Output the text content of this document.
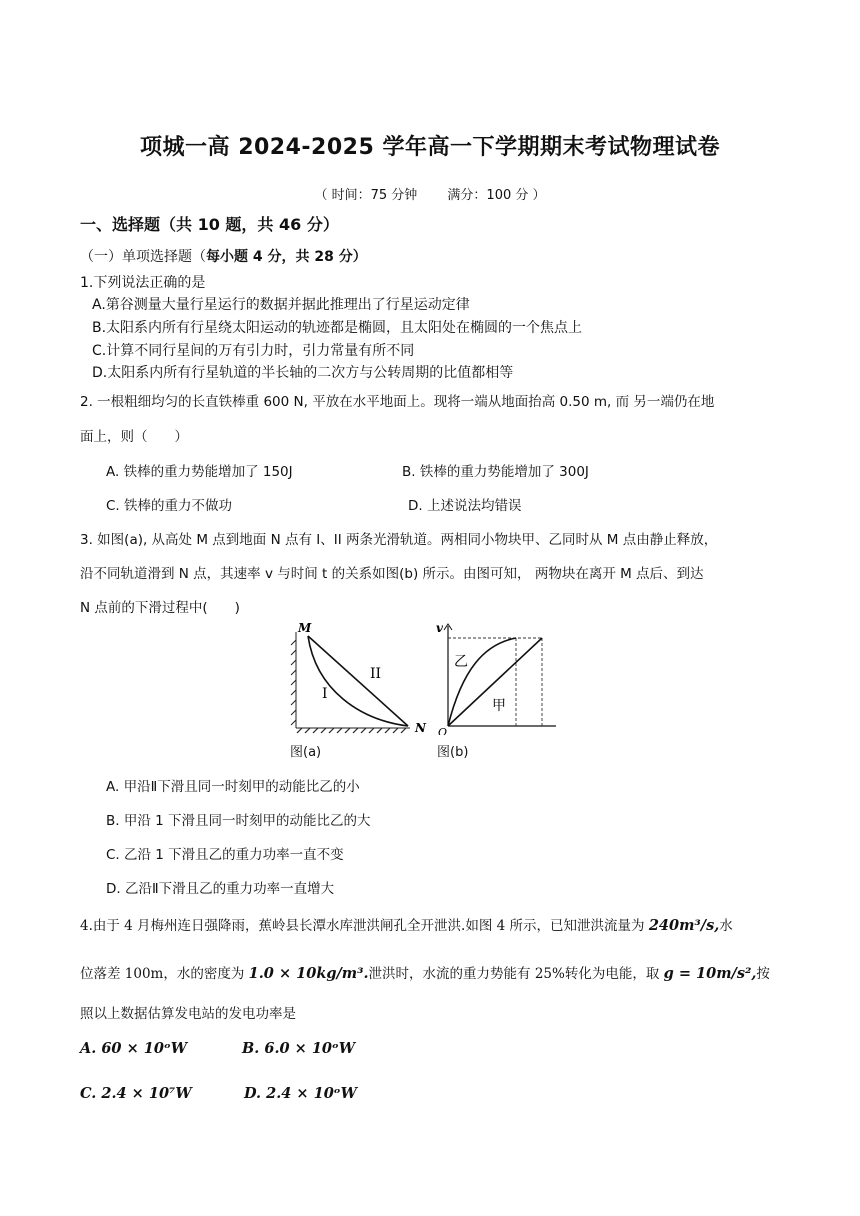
项城一高 2024-2025 学年高一下学期期末考试物理试卷
（ 时间：75 分钟　　 满分：100 分 ）
一、选择题（共 10 题，共 46 分）
（一）单项选择题（每小题 4 分，共 28 分）
1.下列说法正确的是
A.第谷测量大量行星运行的数据并据此推理出了行星运动定律
B.太阳系内所有行星绕太阳运动的轨迹都是椭圆，且太阳处在椭圆的一个焦点上
C.计算不同行星间的万有引力时，引力常量有所不同
D.太阳系内所有行星轨道的半长轴的二次方与公转周期的比值都相等
2. 一根粗细均匀的长直铁棒重 600 N, 平放在水平地面上。现将一端从地面抬高 0.50 m, 而 另一端仍在地
面上，则（　　）
A. 铁棒的重力势能增加了 150J	B. 铁棒的重力势能增加了 300J
C. 铁棒的重力不做功	D. 上述说法均错误
3. 如图(a), 从高处 M 点到地面 N 点有 I、II 两条光滑轨道。两相同小物块甲、乙同时从 M 点由静止释放，
沿不同轨道滑到 N 点，其速率 v 与时间 t 的关系如图(b) 所示。由图可知， 两物块在离开 M 点后、到达
N 点前的下滑过程中(　　)
M
N
I
II
v
O
乙
甲
图(a)	图(b)
A. 甲沿Ⅱ下滑且同一时刻甲的动能比乙的小
B. 甲沿 1 下滑且同一时刻甲的动能比乙的大
C. 乙沿 1 下滑且乙的重力功率一直不变
D. 乙沿Ⅱ下滑且乙的重力功率一直增大
4.由于 4 月梅州连日强降雨，蕉岭县长潭水库泄洪闸孔全开泄洪.如图 4 所示，已知泄洪流量为 240m³/s,水
位落差 100m，水的密度为 1.0 × 10kg/m³.泄洪时，水流的重力势能有 25%转化为电能，取 g = 10m/s²,按
照以上数据估算发电站的发电功率是
A. 60 × 10ᵒW	B. 6.0 × 10ᵒW
C. 2.4 × 10⁷W	D. 2.4 × 10ᵒW
